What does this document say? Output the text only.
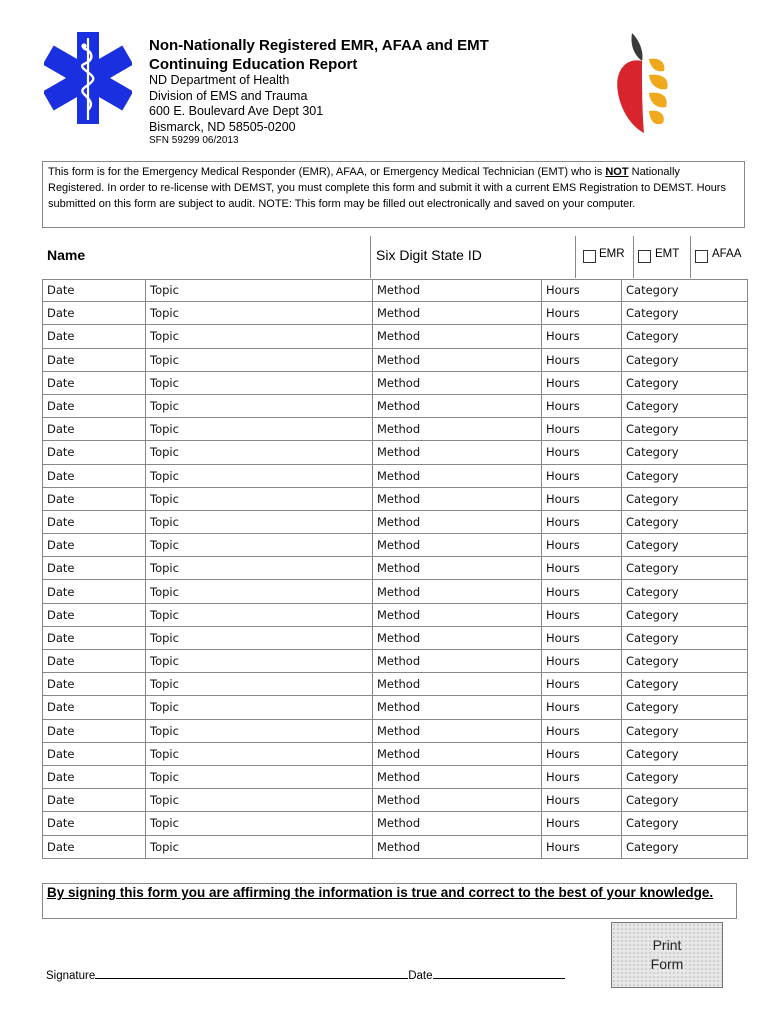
Non-Nationally Registered EMR, AFAA and EMT
Continuing Education Report
ND Department of Health
Division of EMS and Trauma
600 E. Boulevard Ave Dept 301
Bismarck, ND 58505-0200
SFN 59299 06/2013
This form is for the Emergency Medical Responder (EMR), AFAA, or Emergency Medical Technician (EMT) who is NOT Nationally Registered. In order to re-license with DEMST, you must complete this form and submit it with a current EMS Registration to DEMST. Hours submitted on this form are subject to audit. NOTE: This form may be filled out electronically and saved on your computer.
Name	Six Digit State ID	EMR	EMT	AFAA
Date	Topic	Method	Hours	Category
Date	Topic	Method	Hours	Category
Date	Topic	Method	Hours	Category
Date	Topic	Method	Hours	Category
Date	Topic	Method	Hours	Category
Date	Topic	Method	Hours	Category
Date	Topic	Method	Hours	Category
Date	Topic	Method	Hours	Category
Date	Topic	Method	Hours	Category
Date	Topic	Method	Hours	Category
Date	Topic	Method	Hours	Category
Date	Topic	Method	Hours	Category
Date	Topic	Method	Hours	Category
Date	Topic	Method	Hours	Category
Date	Topic	Method	Hours	Category
Date	Topic	Method	Hours	Category
Date	Topic	Method	Hours	Category
Date	Topic	Method	Hours	Category
Date	Topic	Method	Hours	Category
Date	Topic	Method	Hours	Category
Date	Topic	Method	Hours	Category
Date	Topic	Method	Hours	Category
Date	Topic	Method	Hours	Category
Date	Topic	Method	Hours	Category
Date	Topic	Method	Hours	Category
By signing this form you are affirming the information is true and correct to the best of your knowledge.
Signature	Date
Print
Form
